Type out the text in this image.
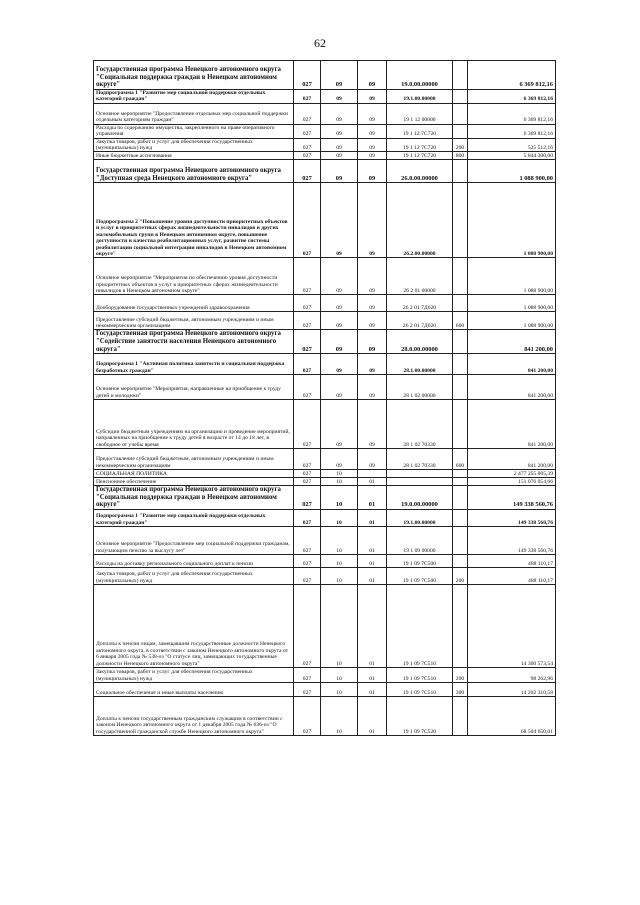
62
Государственная программа Ненецкого автономного округа "Социальная поддержка граждан в Ненецком автономном округе"	027	09	09	19.0.00.00000		6 369 812,16
Подпрограмма 1 "Развитие мер социальной поддержки отдельных категорий граждан"	027	09	09	19.1.00.00000		6 369 812,16
Основное мероприятие "Предоставление отдельных мер социальной поддержки отдельным категориям граждан"	027	09	09	19 1 12 00000		6 369 812,16
Расходы по содержанию имущества, закрепленного на праве оперативного управления	027	09	09	19 1 12 7С720		6 369 812,16
Закупка товаров, работ и услуг для обеспечения государственных (муниципальных) нужд	027	09	09	19 1 12 7С720	200	525 512,16
Иные бюджетные ассигнования	027	09	09	19 1 12 7С720	800	5 844 300,00
Государственная программа Ненецкого автономного округа "Доступная среда Ненецкого автономного округа"	027	09	09	26.0.00.00000		1 088 900,00
Подпрограмма 2 "Повышение уровня доступности приоритетных объектов и услуг в приоритетных сферах жизнедеятельности инвалидов и других маломобильных групп в Ненецком автономном округе, повышение доступности и качества реабилитационных услуг, развитие системы реабилитации социальной интеграции инвалидов в Ненецком автономном округе"	027	09	09	26.2.00.00000		1 088 900,00
Основное мероприятие "Мероприятия по обеспечению уровня доступности приоритетных объектов и услуг в приоритетных сферах жизнедеятельности инвалидов в Ненецком автономном округе"	027	09	09	26 2 01 00000		1 088 900,00
Дооборудование государственных учреждений здравоохранения	027	09	09	26 2 01 7Д020		1 088 900,00
Предоставление субсидий бюджетным, автономным учреждениям и иным некоммерческим организациям	027	09	09	26 2 01 7Д020	600	1 088 900,00
Государственная программа Ненецкого автономного округа "Содействие занятости населения Ненецкого автономного округа"	027	09	09	28.0.00.00000		841 200,00
Подпрограмма 1 "Активная политика занятости и социальная поддержка безработных граждан"	027	09	09	28.1.00.00000		841 200,00
Основное мероприятие "Мероприятия, направленные на приобщение к труду детей и молодежи"	027	09	09	28 1 02 00000		841 200,00
Субсидии бюджетным учреждениям на организацию и проведение мероприятий, направленных на приобщение к труду детей в возрасте от 14 до 18 лет, в свободное от учебы время	027	09	09	28 1 02 70330		841 200,00
Предоставление субсидий бюджетным, автономным учреждениям и иным некоммерческим организациям	027	09	09	28 1 02 70330	600	841 200,00
СОЦИАЛЬНАЯ ПОЛИТИКА	027	10				2 477 255 005,39
Пенсионное обеспечение	027	10	01			151 076 054,66
Государственная программа Ненецкого автономного округа "Социальная поддержка граждан в Ненецком автономном округе"	027	10	01	19.0.00.00000		149 338 560,76
Подпрограмма 1 "Развитие мер социальной поддержки отдельных категорий граждан"	027	10	01	19.1.00.00000		149 338 560,76
Основное мероприятие "Предоставление мер социальной поддержки гражданам, получающим пенсию за выслугу лет"	027	10	01	19 1 09 00000		149 338 560,76
Расходы на доставку регионального социального доплат к пенсии	027	10	01	19 1 09 7С500		488 110,17
Закупка товаров, работ и услуг для обеспечения государственных (муниципальных) нужд	027	10	01	19 1 09 7С500	200	488 110,17
Доплаты к пенсии лицам, замещавшим государственные должности Ненецкого автономного округа, в соответствии с законом Ненецкого автономного округа от 6 января 2005 года № 538-оз "О статусе лиц, замещающих государственные должности Ненецкого автономного округа"	027	10	01	19 1 09 7С510		14 300 573,54
Закупка товаров, работ и услуг для обеспечения государственных (муниципальных) нужд	027	10	01	19 1 09 7С510	200	98 262,96
Социальное обеспечение и иные выплаты населению	027	10	01	19 1 09 7С510	300	14 202 310,58
Доплаты к пенсии государственным гражданским служащим в соответствии с законом Ненецкого автономного округа от 1 декабря 2005 года № 636-оз "О государственной гражданской службе Ненецкого автономного округа"	027	10	01	19 1 09 7С520		68 504 650,01
